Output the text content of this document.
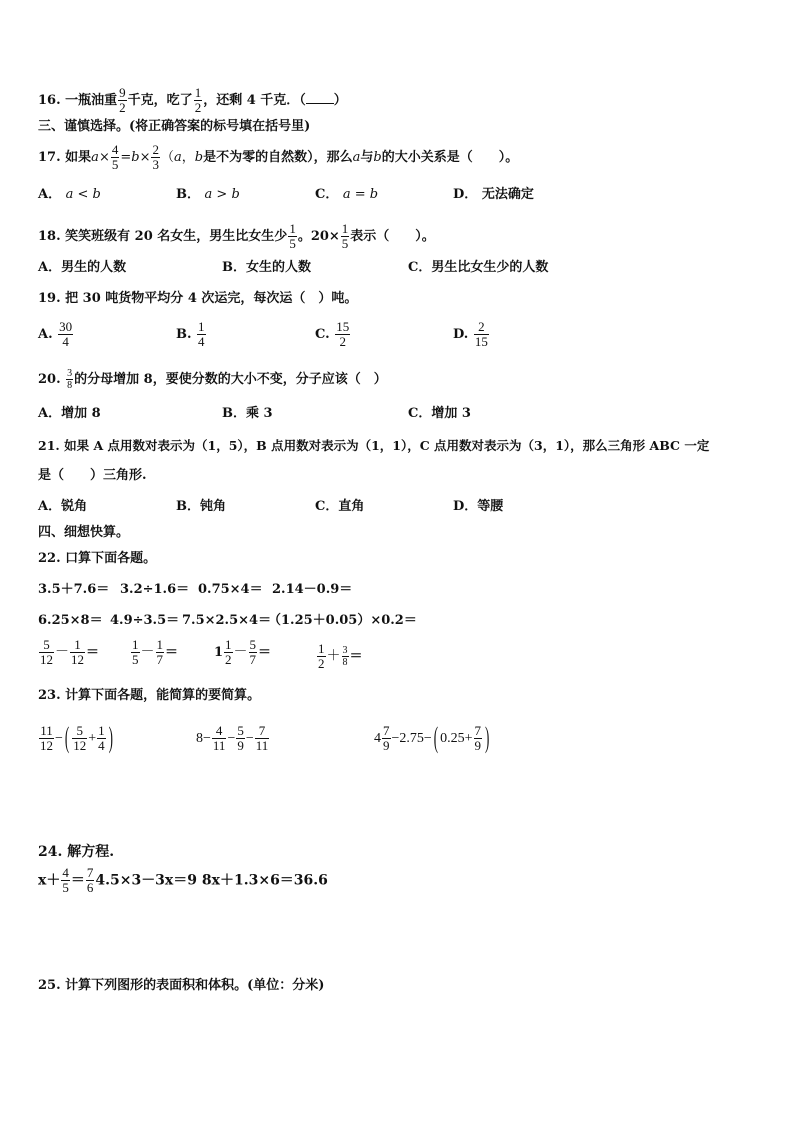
16. 一瓶油重 $\frac{9}{2}$ 千克，吃了 $\frac{1}{2}$ ，还剩 4 千克．（ ）
三、谨慎选择。(将正确答案的标号填在括号里)
17. 如果$a\times \frac{4}{5} =b\times \frac{2}{3} (a$，b是不为零的自然数），那么a与b的大小关系是（　　）。
A． a < b	B． a > b	C． a = b	D． 无法确定
18. 笑笑班级有 20 名女生，男生比女生少 $\frac{1}{5}$ 。$20\times \frac{1}{5}$ 表示（　　）。
A．男生的人数	B．女生的人数	C．男生比女生少的人数
19. 把 30 吨货物平均分 4 次运完，每次运（　）吨。
A. $\frac{30}{4}$	B. $\frac{1}{4}$	C. $\frac{15}{2}$	D. $\frac{2}{15}$
20. $\frac{3}{8}$ 的分母增加 8，要使分数的大小不变，分子应该（　）
A．增加 8	B．乘 3	C．增加 3
21. 如果 A 点用数对表示为（1，5），B 点用数对表示为（1，1），C 点用数对表示为（3，1），那么三角形 ABC 一定
是（　　）三角形.
A．锐角	B．钝角	C．直角	D．等腰
四、细想快算。
22. 口算下面各题。
3.5＋7.6＝ 3.2÷1.6＝ 0.75×4＝ 2.14－0.9＝
6.25×8＝ 4.9÷3.5＝ 7.5×2.5×4＝
（1.25＋0.05）×0.2＝
$\frac{5}{12} - \frac{1}{12} = \frac{1}{5} - \frac{1}{7}$ ＝	$1 \frac{1}{2} - \frac{5}{7}$ ＝	$\frac{1}{2} + \frac{3}{8}$ ＝
23. 计算下面各题，能简算的要简算。
$\frac{11}{12}$ − ( $\frac{5}{12} + \frac{1}{4}$ )	$8- \frac{4}{11} - \frac{5}{9} - \frac{7}{11}$	$4 \frac{7}{9} -2.75-$ ( $0.25+ \frac{7}{9}$ )
24. 解方程.
$x+ \frac{4}{5} = \frac{7}{6} 4.5\times 3-3x=9$ 8x＋1.3×6＝36.6
25. 计算下列图形的表面积和体积。(单位：分米)
